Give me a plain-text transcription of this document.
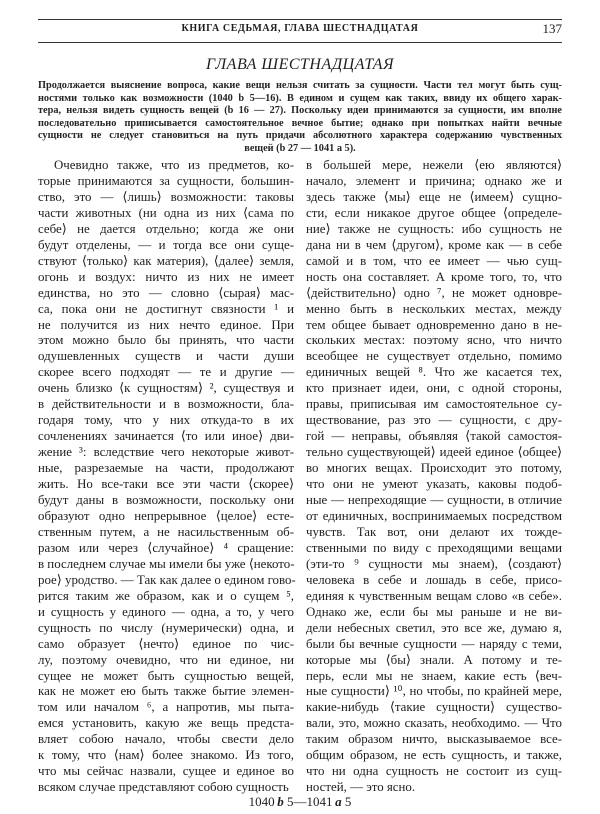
КНИГА СЕДЬМАЯ, ГЛАВА ШЕСТНАДЦАТАЯ	137
ГЛАВА ШЕСТНАДЦАТАЯ
Продолжается выяснение вопроса, какие вещи нельзя считать за сущности. Части тел могут быть сущ-
ностями только как возможности (1040 b 5—16). В едином и сущем как таких, ввиду их общего харак-
тера, нельзя видеть сущность вещей (b 16 — 27). Поскольку идеи принимаются за сущности, им вполне
последовательно приписывается самостоятельное вечное бытие; однако при попытках найти вечные
сущности не следует становиться на путь придачи абсолютного характера содержанию чувственных
вещей (b 27 — 1041 a 5).
Очевидно также, что из предметов, ко-
торые принимаются за сущности, большин-
ство, это — ⟨лишь⟩ возможности: таковы
части животных (ни одна из них ⟨сама по
себе⟩ не дается отдельно; когда же они
будут отделены, — и тогда все они суще-
ствуют ⟨только⟩ как материя), ⟨далее⟩ земля,
огонь и воздух: ничто из них не имеет
единства, но это — словно ⟨сырая⟩ мас-
са, пока они не достигнут связности ¹ и
не получится из них нечто единое. При
этом можно было бы принять, что части
одушевленных существ и части души
скорее всего подходят — те и другие —
очень близко ⟨к сущностям⟩ ², существуя и
в действительности и в возможности, бла-
годаря тому, что у них откуда-то в их
сочленениях зачинается ⟨то или иное⟩ дви-
жение ³: вследствие чего некоторые живот-
ные, разрезаемые на части, продолжают
жить. Но все-таки все эти части ⟨скорее⟩
будут даны в возможности, поскольку они
образуют одно непрерывное ⟨целое⟩ есте-
ственным путем, а не насильственным об-
разом или через ⟨случайное⟩ ⁴ сращение:
в последнем случае мы имели бы уже ⟨некото-
рое⟩ уродство. — Так как далее о едином гово-
рится таким же образом, как и о сущем ⁵,
и сущность у единого — одна, а то, у чего
сущность по числу (нумерически) одна, и
само образует ⟨нечто⟩ единое по чис-
лу, поэтому очевидно, что ни единое, ни
сущее не может быть сущностью вещей,
как не может ею быть также бытие элемен-
том или началом ⁶, а напротив, мы пыта-
емся установить, какую же вещь предста-
вляет собою начало, чтобы свести дело
к тому, что ⟨нам⟩ более знакомо. Из того,
что мы сейчас назвали, сущее и единое во
всяком случае представляют собою сущность
в большей мере, нежели ⟨ею являются⟩
начало, элемент и причина; однако же и
здесь также ⟨мы⟩ еще не ⟨имеем⟩ сущно-
сти, если никакое другое общее ⟨определе-
ние⟩ также не сущность: ибо сущность не
дана ни в чем ⟨другом⟩, кроме как — в себе
самой и в том, что ее имеет — чью сущ-
ность она составляет. А кроме того, то, что
⟨действительно⟩ одно ⁷, не может одновре-
менно быть в нескольких местах, между
тем общее бывает одновременно дано в не-
скольких местах: поэтому ясно, что ничто
всеобщее не существует отдельно, помимо
единичных вещей ⁸. Что же касается тех,
кто признает идеи, они, с одной стороны,
правы, приписывая им самостоятельное су-
ществование, раз это — сущности, с дру-
гой — неправы, объявляя ⟨такой самостоя-
тельно существующей⟩ идеей единое ⟨общее⟩
во многих вещах. Происходит это потому,
что они не умеют указать, каковы подоб-
ные — непреходящие — сущности, в отличие
от единичных, воспринимаемых посредством
чувств. Так вот, они делают их тожде-
ственными по виду с преходящими вещами
(эти-то ⁹ сущности мы знаем), ⟨создают⟩
человека в себе и лошадь в себе, присо-
единяя к чувственным вещам слово «в себе».
Однако же, если бы мы раньше и не ви-
дели небесных светил, это все же, думаю я,
были бы вечные сущности — наряду с теми,
которые мы ⟨бы⟩ знали. А потому и те-
перь, если мы не знаем, какие есть ⟨веч-
ные сущности⟩ ¹⁰, но чтобы, по крайней мере,
какие-нибудь ⟨такие сущности⟩ существо-
вали, это, можно сказать, необходимо. — Что
таким образом ничто, высказываемое все-
общим образом, не есть сущность, и также,
что ни одна сущность не состоит из сущ-
ностей, — это ясно.
1040  b 5—1041  a 5
